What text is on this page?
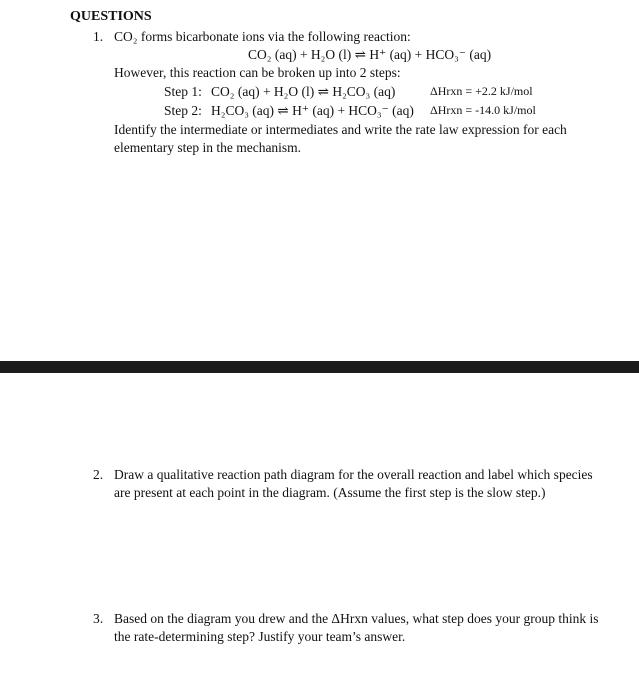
QUESTIONS
1. CO₂ forms bicarbonate ions via the following reaction:
CO₂ (aq) + H₂O (l) ⇌ H⁺ (aq) + HCO₃⁻ (aq)
However, this reaction can be broken up into 2 steps:
Step 1: CO₂ (aq) + H₂O (l) ⇌ H₂CO₃ (aq)	ΔHrxn = +2.2 kJ/mol
Step 2: H₂CO₃ (aq) ⇌ H⁺ (aq) + HCO₃⁻ (aq) ΔHrxn = -14.0 kJ/mol
Identify the intermediate or intermediates and write the rate law expression for each
elementary step in the mechanism.
2. Draw a qualitative reaction path diagram for the overall reaction and label which species
are present at each point in the diagram. (Assume the first step is the slow step.)
3. Based on the diagram you drew and the ΔHrxn values, what step does your group think is
the rate-determining step? Justify your team’s answer.
